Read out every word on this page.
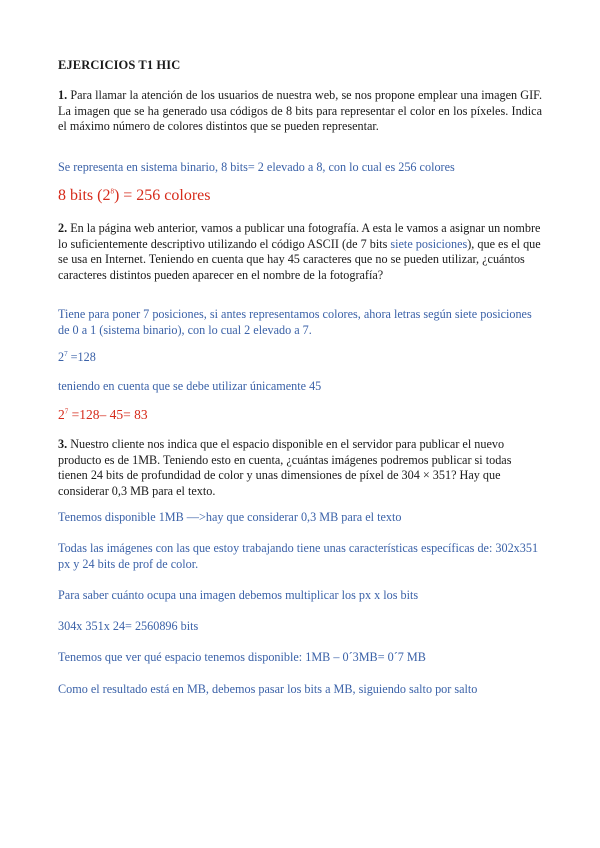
EJERCICIOS T1 HIC
1. Para llamar la atención de los usuarios de nuestra web, se nos propone emplear una imagen GIF. La imagen que se ha generado usa códigos de 8 bits para representar el color en los píxeles. Indica el máximo número de colores distintos que se pueden representar.
Se representa en sistema binario, 8 bits= 2 elevado a 8, con lo cual es 256 colores
8 bits $(2^8) = 256$ colores
2. En la página web anterior, vamos a publicar una fotografía. A esta le vamos a asignar un nombre lo suficientemente descriptivo utilizando el código ASCII (de 7 bits siete posiciones), que es el que se usa en Internet. Teniendo en cuenta que hay 45 caracteres que no se pueden utilizar, ¿cuántos caracteres distintos pueden aparecer en el nombre de la fotografía?
Tiene para poner 7 posiciones, si antes representamos colores, ahora letras según siete posiciones de 0 a 1 (sistema binario), con lo cual 2 elevado a 7.
$2^7 =128$
teniendo en cuenta que se debe utilizar únicamente 45
$2^7 =128-$ 45= 83
3. Nuestro cliente nos indica que el espacio disponible en el servidor para publicar el nuevo producto es de 1MB. Teniendo esto en cuenta, ¿cuántas imágenes podremos publicar si todas tienen 24 bits de profundidad de color y unas dimensiones de píxel de 304 × 351? Hay que considerar 0,3 MB para el texto.
Tenemos disponible 1MB —>hay que considerar 0,3 MB para el texto
Todas las imágenes con las que estoy trabajando tiene unas características específicas de: 302x351 px y 24 bits de prof de color.
Para saber cuánto ocupa una imagen debemos multiplicar los px x los bits
304x 351x 24= 2560896 bits
Tenemos que ver qué espacio tenemos disponible: 1MB – 0´3MB= 0´7 MB
Como el resultado está en MB, debemos pasar los bits a MB, siguiendo salto por salto
